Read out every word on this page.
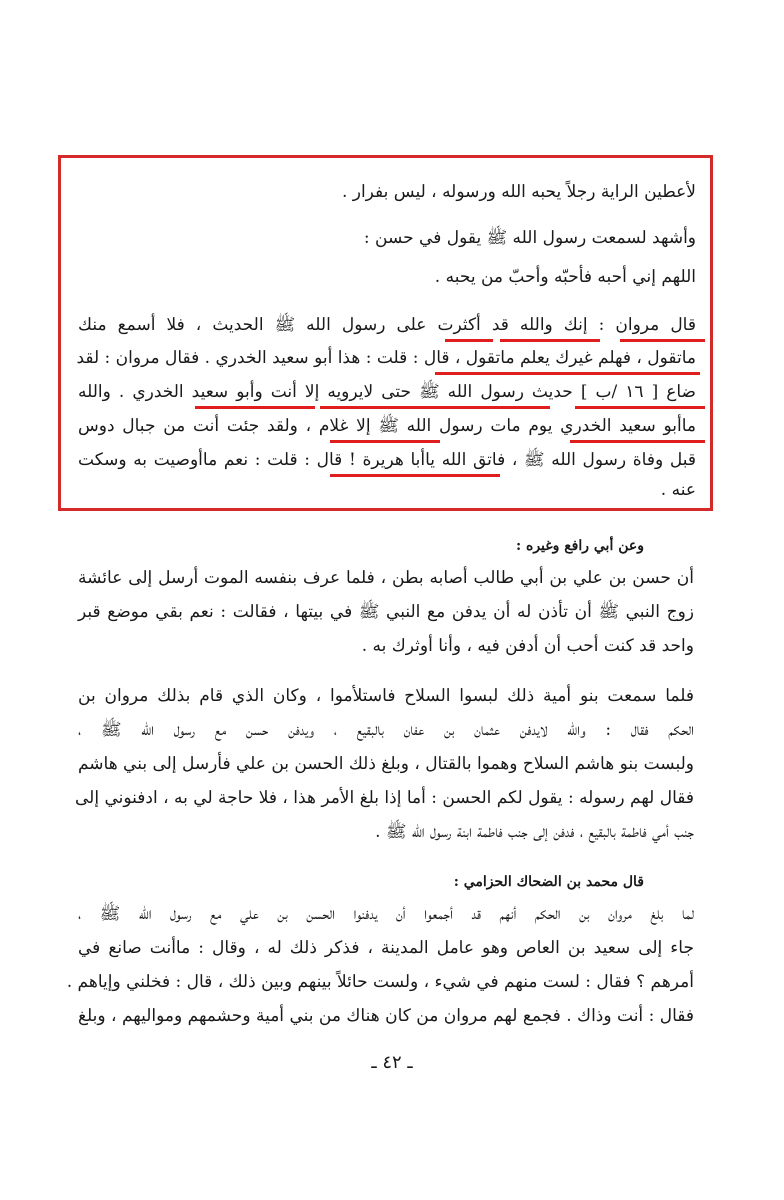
لأعطين الراية رجلاً يحبه الله ورسوله ، ليس بفرار .
وأشهد لسمعت رسول الله ﷺ يقول في حسن :
اللهم إني أحبه فأحبّه وأحبّ من يحبه .
قال مروان : إنك والله قد أكثرت على رسول الله ﷺ الحديث ، فلا أسمع منك
ماتقول ، فهلم غيرك يعلم ماتقول ، قال : قلت : هذا أبو سعيد الخدري . فقال مروان : لقد
ضاع [ ١٦ /ب ] حديث رسول الله ﷺ حتى لايرويه إلا أنت وأبو سعيد الخدري . والله
ماأبو سعيد الخدري يوم مات رسول الله ﷺ إلا غلام ، ولقد جئت أنت من جبال دوس
قبل وفاة رسول الله ﷺ ، فاتق الله ياأبا هريرة ! قال : قلت : نعم ماأوصيت به وسكت
عنه .
وعن أبي رافع وغيره :
أن حسن بن علي بن أبي طالب أصابه بطن ، فلما عرف بنفسه الموت أرسل إلى عائشة
زوج النبي ﷺ أن تأذن له أن يدفن مع النبي ﷺ في بيتها ، فقالت : نعم بقي موضع قبر
واحد قد كنت أحب أن أدفن فيه ، وأنا أوثرك به .
فلما سمعت بنو أمية ذلك لبسوا السلاح فاستلأموا ، وكان الذي قام بذلك مروان بن
الحكم فقال : والله لايدفن عثمان بن عفان بالبقيع ، ويدفن حسن مع رسول الله ﷺ ،
ولبست بنو هاشم السلاح وهموا بالقتال ، وبلغ ذلك الحسن بن علي فأرسل إلى بني هاشم
فقال لهم رسوله : يقول لكم الحسن : أما إذا بلغ الأمر هذا ، فلا حاجة لي به ، ادفنوني إلى
جنب أمي فاطمة بالبقيع ، فدفن إلى جنب فاطمة ابنة رسول الله ﷺ .
قال محمد بن الضحاك الحزامي :
لما بلغ مروان بن الحكم أنهم قد أجمعوا أن يدفنوا الحسن بن علي مع رسول الله ﷺ ،
جاء إلى سعيد بن العاص وهو عامل المدينة ، فذكر ذلك له ، وقال : ماأنت صانع في
أمرهم ؟ فقال : لست منهم في شيء ، ولست حائلاً بينهم وبين ذلك ، قال : فخلني وإياهم .
فقال : أنت وذاك . فجمع لهم مروان من كان هناك من بني أمية وحشمهم ومواليهم ، وبلغ
ـ ٤٢ ـ
